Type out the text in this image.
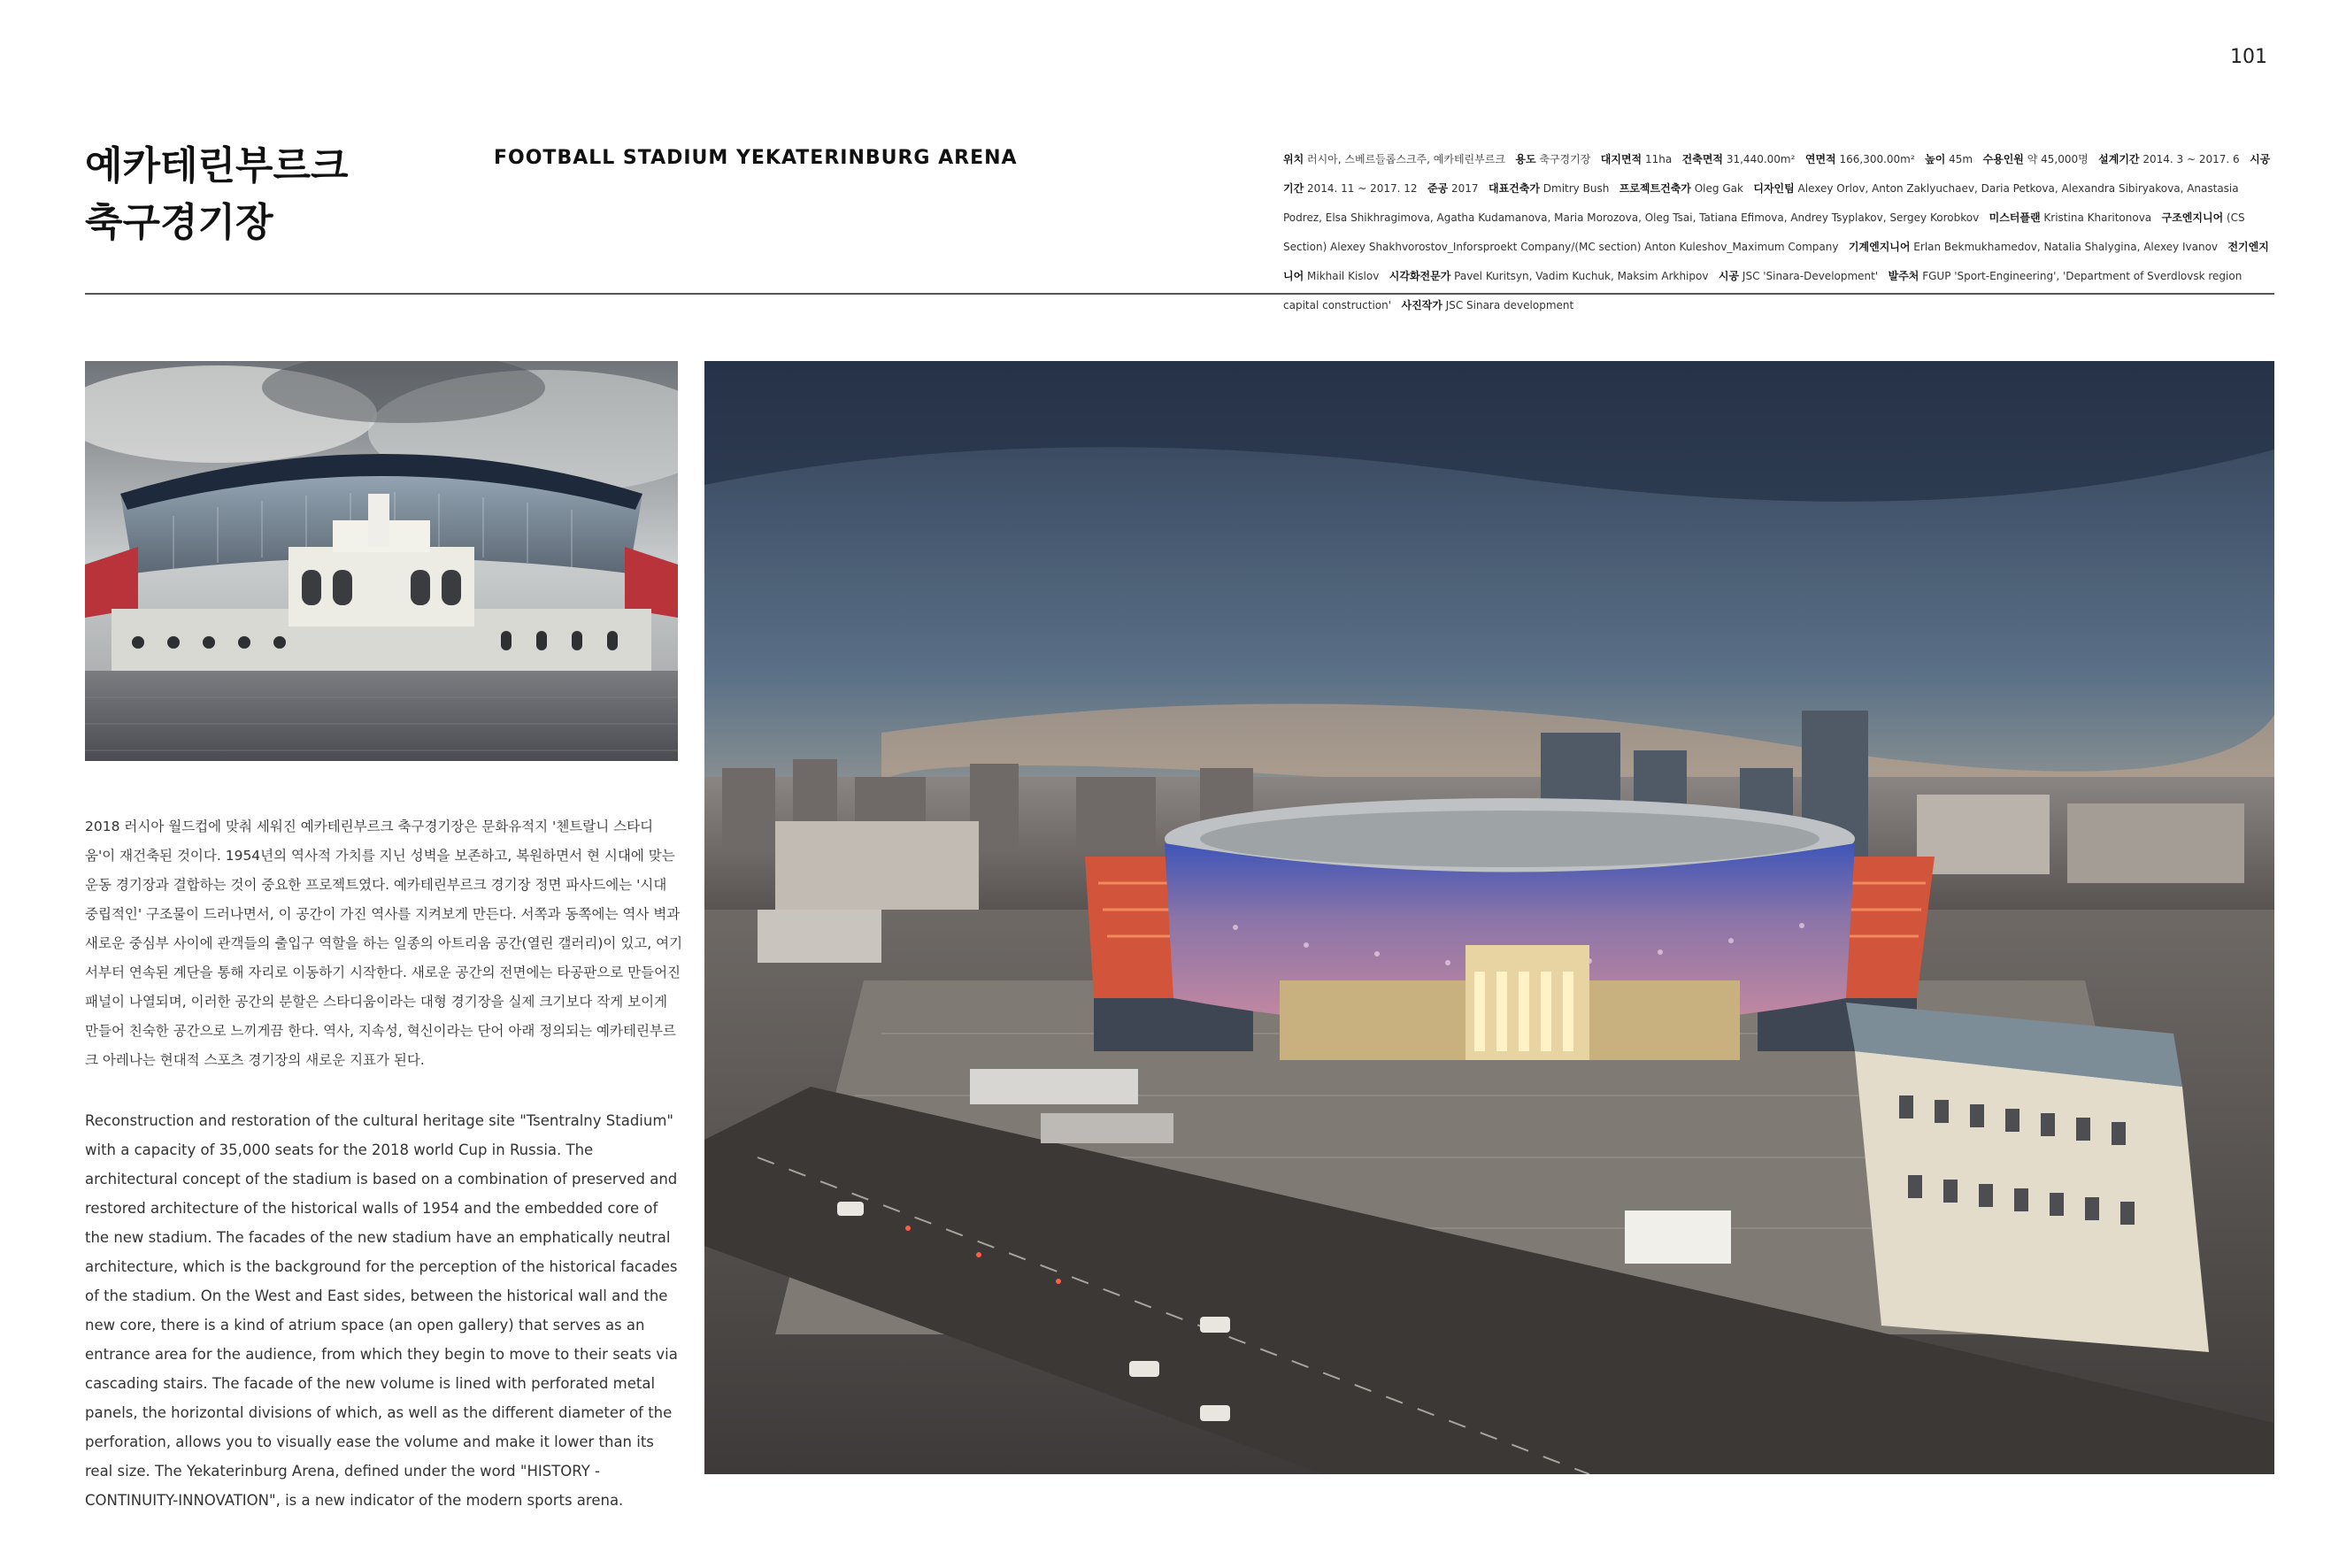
101
예카테린부르크
축구경기장
FOOTBALL STADIUM YEKATERINBURG ARENA	위치 러시아, 스베르들롭스크주, 예카테린부르크   용도 축구경기장   대지면적 11ha   건축면적 31,440.00m²   연면적 166,300.00m²   높이 45m   수용인원 약 45,000명   설계기간 2014. 3 ~ 2017. 6   시공기간 2014. 11 ~ 2017. 12   준공 2017   대표건축가 Dmitry Bush   프로젝트건축가 Oleg Gak   디자인팀 Alexey Orlov, Anton Zaklyuchaev, Daria Petkova, Alexandra Sibiryakova, Anastasia Podrez, Elsa Shikhragimova, Agatha Kudamanova, Maria Morozova, Oleg Tsai, Tatiana Efimova, Andrey Tsyplakov, Sergey Korobkov   미스터플랜 Kristina Kharitonova   구조엔지니어 (CS Section) Alexey Shakhvorostov_Inforsproekt Company/(MC section) Anton Kuleshov_Maximum Company   기계엔지니어 Erlan Bekmukhamedov, Natalia Shalygina, Alexey Ivanov   전기엔지니어 Mikhail Kislov   시각화전문가 Pavel Kuritsyn, Vadim Kuchuk, Maksim Arkhipov   시공 JSC 'Sinara-Development'   발주처 FGUP 'Sport-Engineering', 'Department of Sverdlovsk region capital construction'   사진작가 JSC Sinara development

2018 러시아 월드컵에 맞춰 세워진 예카테린부르크 축구경기장은 문화유적지 '첸트랄니 스타디움'이 재건축된 것이다. 1954년의 역사적 가치를 지닌 성벽을 보존하고, 복원하면서 현 시대에 맞는 운동 경기장과 결합하는 것이 중요한 프로젝트였다. 예카테린부르크 경기장 정면 파사드에는 '시대 중립적인' 구조물이 드러나면서, 이 공간이 가진 역사를 지켜보게 만든다. 서쪽과 동쪽에는 역사 벽과 새로운 중심부 사이에 관객들의 출입구 역할을 하는 일종의 아트리움 공간(열린 갤러리)이 있고, 여기서부터 연속된 계단을 통해 자리로 이동하기 시작한다. 새로운 공간의 전면에는 타공판으로 만들어진 패널이 나열되며, 이러한 공간의 분할은 스타디움이라는 대형 경기장을 실제 크기보다 작게 보이게 만들어 친숙한 공간으로 느끼게끔 한다. 역사, 지속성, 혁신이라는 단어 아래 정의되는 예카테린부르크 아레나는 현대적 스포츠 경기장의 새로운 지표가 된다.

Reconstruction and restoration of the cultural heritage site "Tsentralny Stadium" with a capacity of 35,000 seats for the 2018 world Cup in Russia. The architectural concept of the stadium is based on a combination of preserved and restored architecture of the historical walls of 1954 and the embedded core of the new stadium. The facades of the new stadium have an emphatically neutral architecture, which is the background for the perception of the historical facades of the stadium. On the West and East sides, between the historical wall and the new core, there is a kind of atrium space (an open gallery) that serves as an entrance area for the audience, from which they begin to move to their seats via cascading stairs. The facade of the new volume is lined with perforated metal panels, the horizontal divisions of which, as well as the different diameter of the perforation, allows you to visually ease the volume and make it lower than its real size. The Yekaterinburg Arena, defined under the word "HISTORY - CONTINUITY-INNOVATION", is a new indicator of the modern sports arena.
